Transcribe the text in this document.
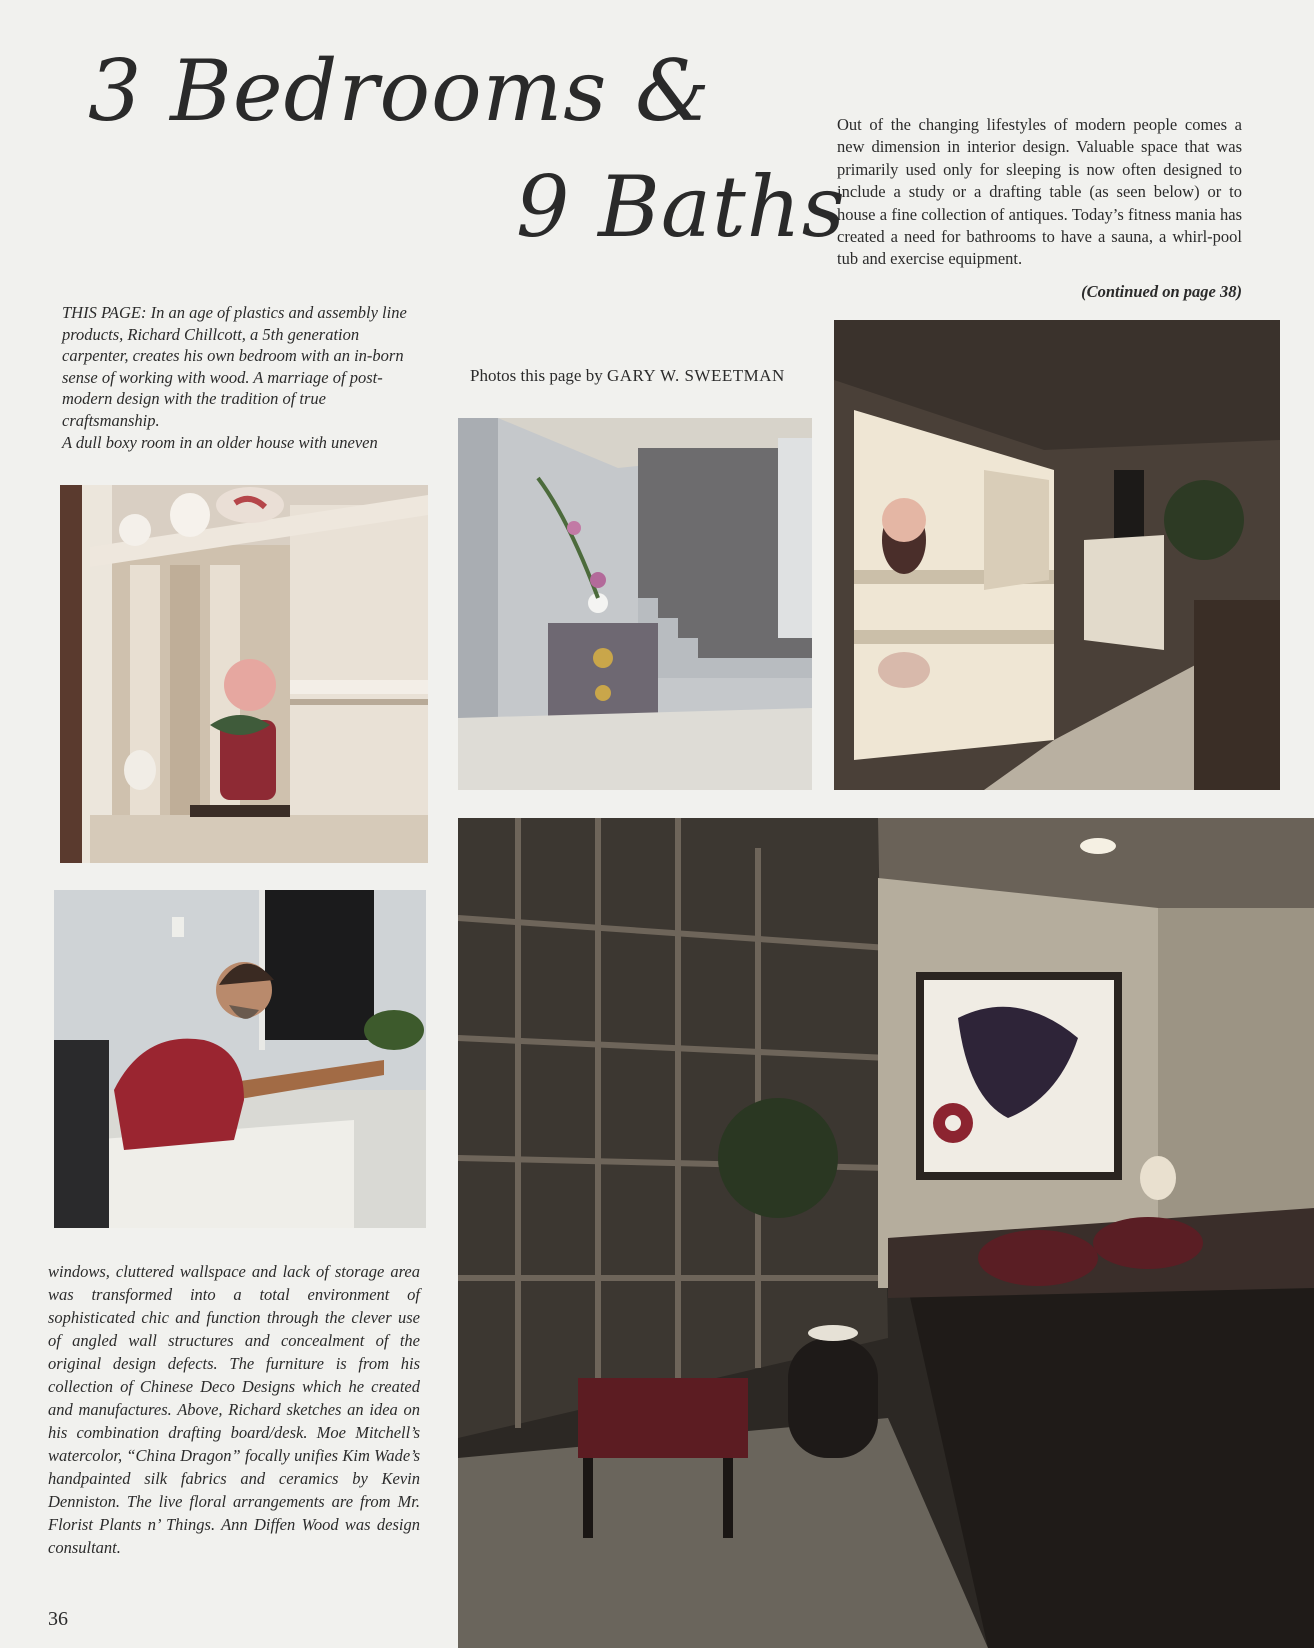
3 Bedrooms &
9 Baths

Out of the changing lifestyles of modern people comes a new dimension in interior design. Valuable space that was primarily used only for sleeping is now often designed to include a study or a drafting table (as seen below) or to house a fine collection of antiques. Today’s fitness mania has created a need for bathrooms to have a sauna, a whirl-pool tub and exercise equipment.

(Continued on page 38)

THIS PAGE: In an age of plastics and assembly line products, Richard Chillcott, a 5th generation carpenter, creates his own bedroom with an in-born sense of working with wood. A marriage of post-modern design with the tradition of true craftsmanship.

A dull boxy room in an older house with uneven

Photos this page by GARY W. SWEETMAN

windows, cluttered wallspace and lack of storage area was transformed into a total environment of sophisticated chic and function through the clever use of angled wall structures and concealment of the original design defects. The furniture is from his collection of Chinese Deco Designs which he created and manufactures. Above, Richard sketches an idea on his combination drafting board/desk. Moe Mitchell’s watercolor, “China Dragon” focally unifies Kim Wade’s handpainted silk fabrics and ceramics by Kevin Denniston. The live floral arrangements are from Mr. Florist Plants n’ Things. Ann Diffen Wood was design consultant.

36
